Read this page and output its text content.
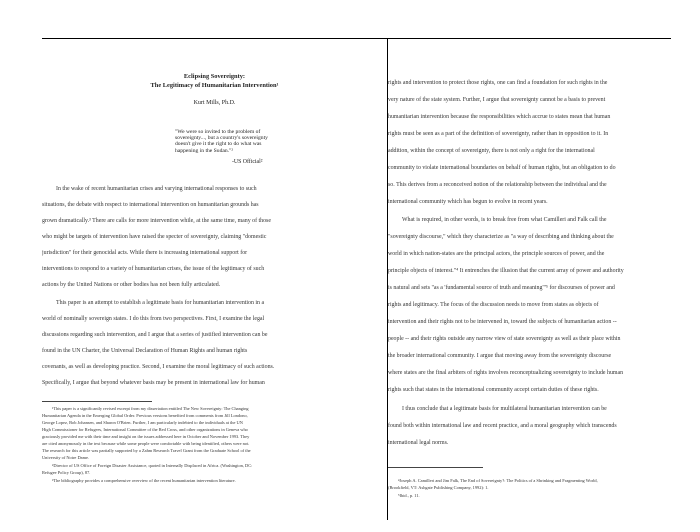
Eclipsing Sovereignty:
The Legitimacy of Humanitarian Intervention¹
Kurt Mills, Ph.D.
"We were so invited to the problem of sovereignty..., but a country's sovereignty doesn't give it the right to do what was happening in the Sudan."²
-US Official²
In the wake of recent humanitarian crises and varying international responses to such
situations, the debate with respect to international intervention on humanitarian grounds has
grown dramatically.³ There are calls for more intervention while, at the same time, many of those
who might be targets of intervention have raised the specter of sovereignty, claiming "domestic
jurisdiction" for their genocidal acts. While there is increasing international support for
interventions to respond to a variety of humanitarian crises, the issue of the legitimacy of such
actions by the United Nations or other bodies has not been fully articulated.
This paper is an attempt to establish a legitimate basis for humanitarian intervention in a
world of nominally sovereign states. I do this from two perspectives. First, I examine the legal
discussions regarding such intervention, and I argue that a series of justified intervention can be
found in the UN Charter, the Universal Declaration of Human Rights and human rights
covenants, as well as developing practice. Second, I examine the moral legitimacy of such actions.
Specifically, I argue that beyond whatever basis may be present in international law for human
¹This paper is a significantly revised excerpt from my dissertation entitled The New Sovereignty: The Changing
Humanitarian Agenda in the Emerging Global Order. Previous versions benefited from comments from Jill Londono,
George Lopez, Bob Johansen, and Sharon O'Brien. Further, I am particularly indebted to the individuals at the UN
High Commissioner for Refugees, International Committee of the Red Cross, and other organizations in Geneva who
graciously provided me with their time and insight on the issues addressed here in October and November 1993. They
are cited anonymously in the text because while some people were comfortable with being identified, others were not.
The research for this article was partially supported by a Zahm Research Travel Grant from the Graduate School of the
University of Notre Dame.
²Director of US Office of Foreign Disaster Assistance, quoted in Internally Displaced in Africa. (Washington, DC:
Refugee Policy Group), 87.
³The bibliography provides a comprehensive overview of the recent humanitarian intervention literature.
rights and intervention to protect those rights, one can find a foundation for such rights in the
very nature of the state system. Further, I argue that sovereignty cannot be a basis to prevent
humanitarian intervention because the responsibilities which accrue to states mean that human
rights must be seen as a part of the definition of sovereignty, rather than in opposition to it. In
addition, within the concept of sovereignty, there is not only a right for the international
community to violate international boundaries on behalf of human rights, but an obligation to do
so. This derives from a reconceived notion of the relationship between the individual and the
international community which has begun to evolve in recent years.
What is required, in other words, is to break free from what Camilleri and Falk call the
"sovereignty discourse," which they characterize as "a way of describing and thinking about the
world in which nation-states are the principal actors, the principle sources of power, and the
principle objects of interest."⁴ It entrenches the illusion that the current array of power and authority
is natural and sets "as a 'fundamental source of truth and meaning'"⁵ for discourses of power and
rights and legitimacy. The focus of the discussion needs to move from states as objects of
intervention and their rights not to be intervened in, toward the subjects of humanitarian action --
people -- and their rights outside any narrow view of state sovereignty as well as their place within
the broader international community. I argue that moving away from the sovereignty discourse
where states are the final arbiters of rights involves reconceptualizing sovereignty to include human
rights such that states in the international community accept certain duties of these rights.
I thus conclude that a legitimate basis for multilateral humanitarian intervention can be
found both within international law and recent practice, and a moral geography which transcends
international legal norms.
⁴Joseph A. Camilleri and Jim Falk, The End of Sovereignty?: The Politics of a Shrinking and Fragmenting World,
(Brookfield, VT: Ashgate Publishing Company, 1992): 1.
⁵Ibid., p. 11.
